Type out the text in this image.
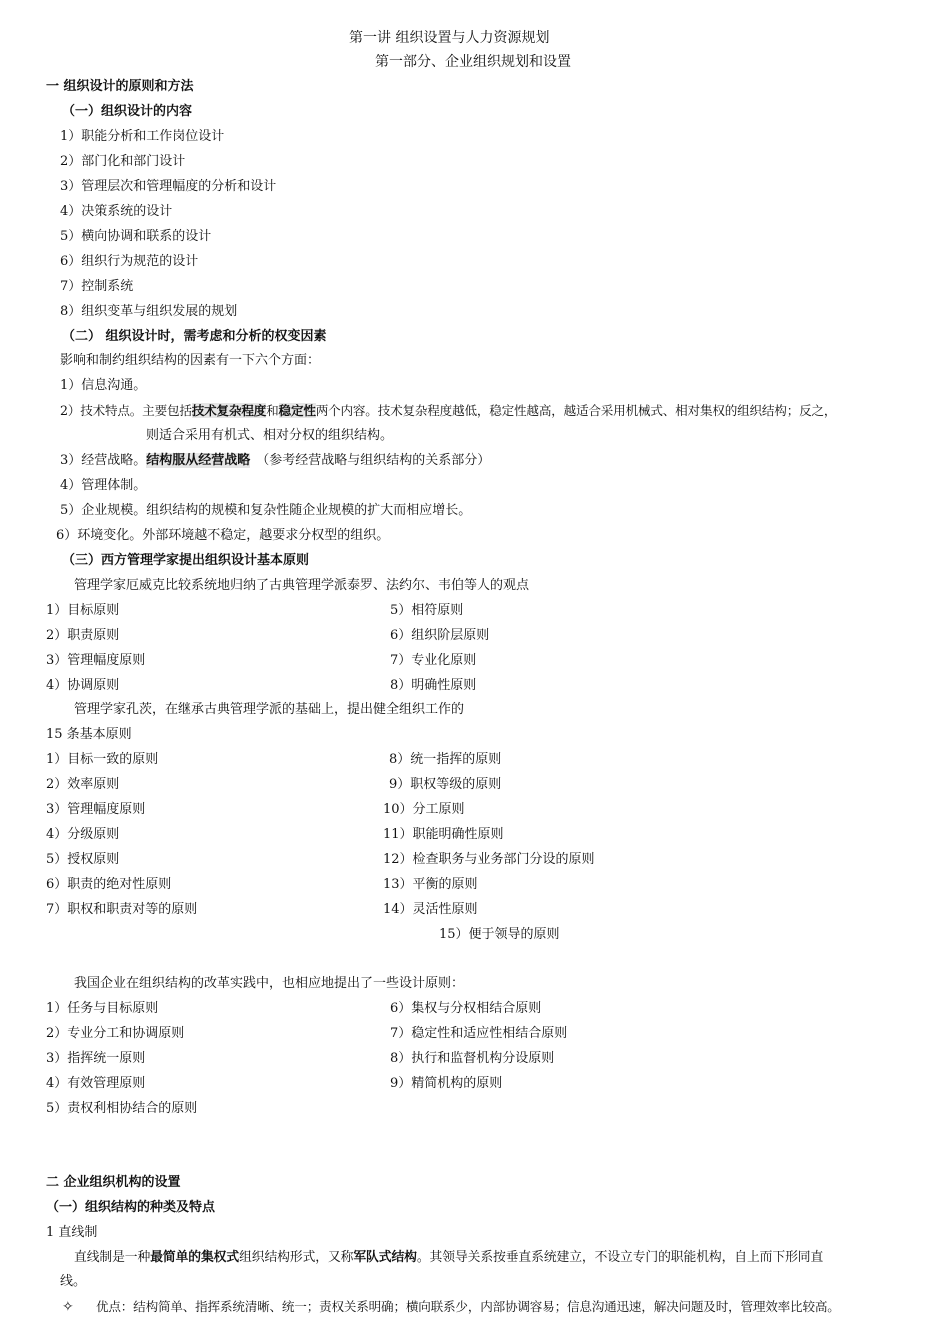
第一讲 组织设置与人力资源规划
第一部分、企业组织规划和设置
一 组织设计的原则和方法
（一）组织设计的内容
1）职能分析和工作岗位设计
2）部门化和部门设计
3）管理层次和管理幅度的分析和设计
4）决策系统的设计
5）横向协调和联系的设计
6）组织行为规范的设计
7）控制系统
8）组织变革与组织发展的规划
（二） 组织设计时，需考虑和分析的权变因素
影响和制约组织结构的因素有一下六个方面：
1）信息沟通。
2）技术特点。主要包括技术复杂程度和稳定性两个内容。技术复杂程度越低，稳定性越高，越适合采用机械式、相对集权的组织结构；反之，
则适合采用有机式、相对分权的组织结构。
3）经营战略。结构服从经营战略 （参考经营战略与组织结构的关系部分）
4）管理体制。
5）企业规模。组织结构的规模和复杂性随企业规模的扩大而相应增长。
6）环境变化。外部环境越不稳定，越要求分权型的组织。
（三）西方管理学家提出组织设计基本原则
管理学家厄威克比较系统地归纳了古典管理学派泰罗、法约尔、韦伯等人的观点
1）目标原则
2）职责原则
3）管理幅度原则
4）协调原则
5）相符原则
6）组织阶层原则
7）专业化原则
8）明确性原则
管理学家孔茨，在继承古典管理学派的基础上，提出健全组织工作的
15 条基本原则
1）目标一致的原则
2）效率原则
3）管理幅度原则
4）分级原则
5）授权原则
6）职责的绝对性原则
7）职权和职责对等的原则
8）统一指挥的原则
9）职权等级的原则
10）分工原则
11）职能明确性原则
12）检查职务与业务部门分设的原则
13）平衡的原则
14）灵活性原则
15）便于领导的原则
我国企业在组织结构的改革实践中，也相应地提出了一些设计原则：
1）任务与目标原则
2）专业分工和协调原则
3）指挥统一原则
4）有效管理原则
5）责权利相协结合的原则
6）集权与分权相结合原则
7）稳定性和适应性相结合原则
8）执行和监督机构分设原则
9）精简机构的原则
二 企业组织机构的设置
（一）组织结构的种类及特点
1 直线制
直线制是一种最简单的集权式组织结构形式，又称军队式结构。其领导关系按垂直系统建立，不设立专门的职能机构，自上而下形同直
线。
✧ 优点：结构简单、指挥系统清晰、统一；责权关系明确；横向联系少，内部协调容易；信息沟通迅速，解决问题及时，管理效率比较高。
